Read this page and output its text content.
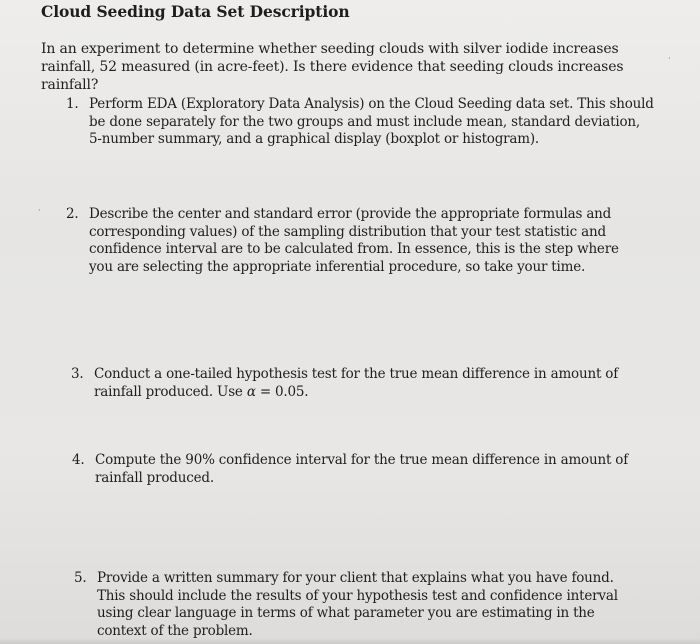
Cloud Seeding Data Set Description

In an experiment to determine whether seeding clouds with silver iodide increases rainfall, 52 measured (in acre-feet). Is there evidence that seeding clouds increases rainfall?

·
·
1. Perform EDA (Exploratory Data Analysis) on the Cloud Seeding data set. This should be done separately for the two groups and must include mean, standard deviation, 5-number summary, and a graphical display (boxplot or histogram).
2. Describe the center and standard error (provide the appropriate formulas and corresponding values) of the sampling distribution that your test statistic and confidence interval are to be calculated from. In essence, this is the step where you are selecting the appropriate inferential procedure, so take your time.
3. Conduct a one-tailed hypothesis test for the true mean difference in amount of rainfall produced. Use α = 0.05.
4. Compute the 90% confidence interval for the true mean difference in amount of rainfall produced.
5. Provide a written summary for your client that explains what you have found. This should include the results of your hypothesis test and confidence interval using clear language in terms of what parameter you are estimating in the context of the problem.
